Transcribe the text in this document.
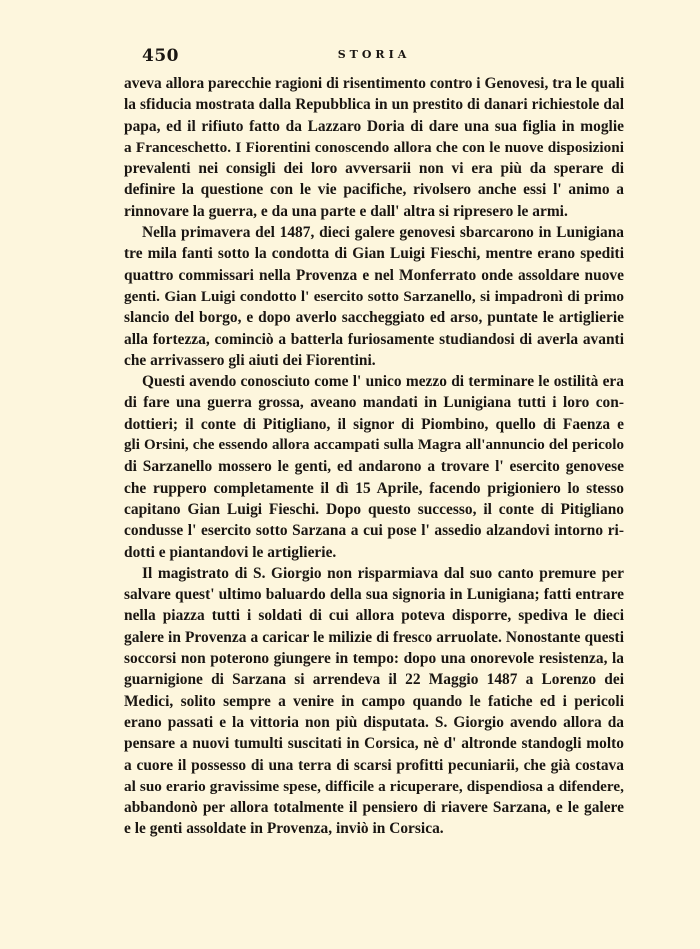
450	STORIA
aveva allora parecchie ragioni di risentimento contro i Genovesi, tra le quali
la sfiducia mostrata dalla Repubblica in un prestito di danari richiestole dal
papa, ed il rifiuto fatto da Lazzaro Doria di dare una sua figlia in moglie
a Franceschetto. I Fiorentini conoscendo allora che con le nuove disposizioni
prevalenti nei consigli dei loro avversarii non vi era più da sperare di
definire la questione con le vie pacifiche, rivolsero anche essi l' animo a
rinnovare la guerra, e da una parte e dall' altra si ripresero le armi.
Nella primavera del 1487, dieci galere genovesi sbarcarono in Lunigiana
tre mila fanti sotto la condotta di Gian Luigi Fieschi, mentre erano spediti
quattro commissari nella Provenza e nel Monferrato onde assoldare nuove
genti. Gian Luigi condotto l' esercito sotto Sarzanello, si impadronì di primo
slancio del borgo, e dopo averlo saccheggiato ed arso, puntate le artiglierie
alla fortezza, cominciò a batterla furiosamente studiandosi di averla avanti
che arrivassero gli aiuti dei Fiorentini.
Questi avendo conosciuto come l' unico mezzo di terminare le ostilità era
di fare una guerra grossa, aveano mandati in Lunigiana tutti i loro con-
dottieri; il conte di Pitigliano, il signor di Piombino, quello di Faenza e
gli Orsini, che essendo allora accampati sulla Magra all'annuncio del pericolo
di Sarzanello mossero le genti, ed andarono a trovare l' esercito genovese
che ruppero completamente il dì 15 Aprile, facendo prigioniero lo stesso
capitano Gian Luigi Fieschi. Dopo questo successo, il conte di Pitigliano
condusse l' esercito sotto Sarzana a cui pose l' assedio alzandovi intorno ri-
dotti e piantandovi le artiglierie.
Il magistrato di S. Giorgio non risparmiava dal suo canto premure per
salvare quest' ultimo baluardo della sua signoria in Lunigiana; fatti entrare
nella piazza tutti i soldati di cui allora poteva disporre, spediva le dieci
galere in Provenza a caricar le milizie di fresco arruolate. Nonostante questi
soccorsi non poterono giungere in tempo: dopo una onorevole resistenza, la
guarnigione di Sarzana si arrendeva il 22 Maggio 1487 a Lorenzo dei
Medici, solito sempre a venire in campo quando le fatiche ed i pericoli
erano passati e la vittoria non più disputata. S. Giorgio avendo allora da
pensare a nuovi tumulti suscitati in Corsica, nè d' altronde standogli molto
a cuore il possesso di una terra di scarsi profitti pecuniarii, che già costava
al suo erario gravissime spese, difficile a ricuperare, dispendiosa a difendere,
abbandonò per allora totalmente il pensiero di riavere Sarzana, e le galere
e le genti assoldate in Provenza, inviò in Corsica.
